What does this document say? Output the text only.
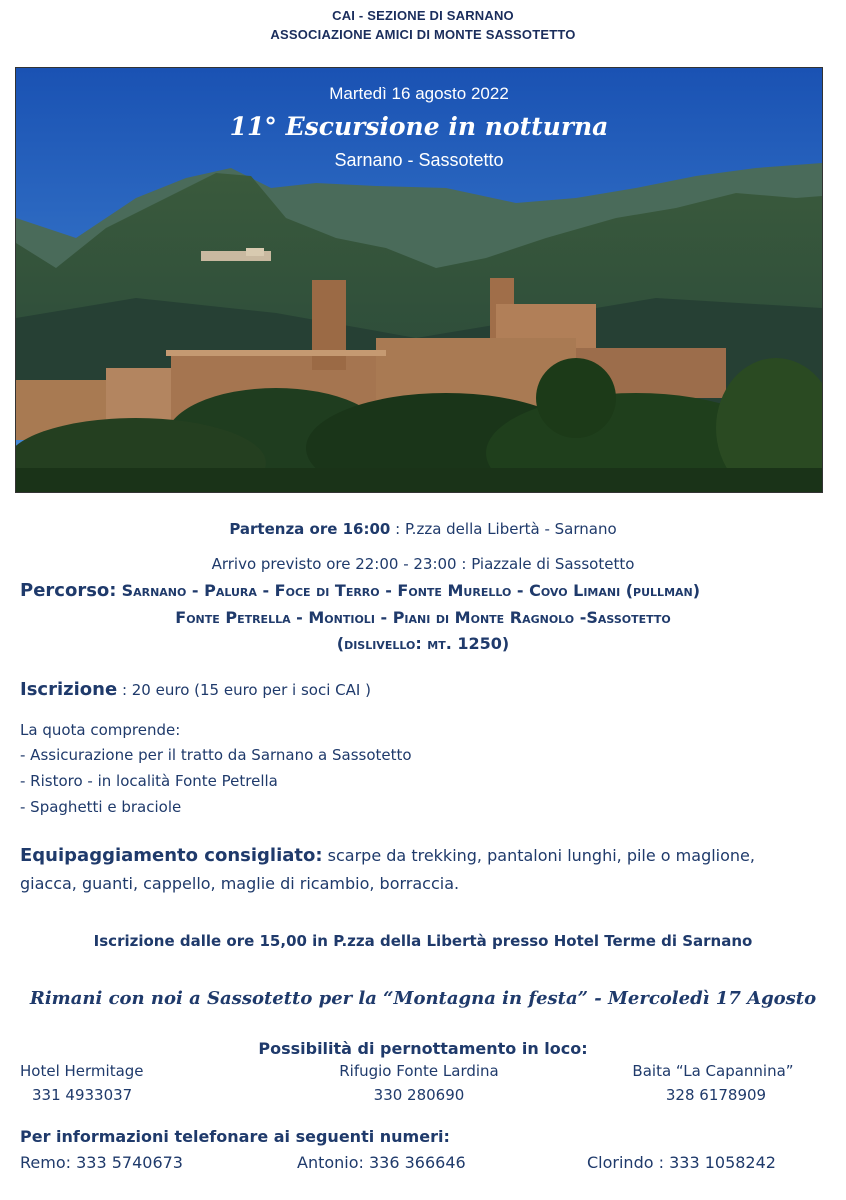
CAI - SEZIONE DI SARNANO
ASSOCIAZIONE AMICI DI MONTE SASSOTETTO
Martedì 16 agosto 2022
11° Escursione in notturna
Sarnano - Sassotetto
Partenza ore 16:00 : P.zza della Libertà - Sarnano
Arrivo previsto ore 22:00 - 23:00 : Piazzale di Sassotetto
Percorso: Sarnano - Palura - Foce di Terro - Fonte Murello - Covo Limani (pullman)
Fonte Petrella - Montioli - Piani di Monte Ragnolo -Sassotetto
(dislivello: mt. 1250)
Iscrizione : 20 euro (15 euro per i soci CAI )
La quota comprende:
- Assicurazione per il tratto da Sarnano a Sassotetto
- Ristoro - in località Fonte Petrella
- Spaghetti e braciole
Equipaggiamento consigliato: scarpe da trekking, pantaloni lunghi, pile o maglione,
giacca, guanti, cappello, maglie di ricambio, borraccia.
Iscrizione dalle ore 15,00 in P.zza della Libertà presso Hotel Terme di Sarnano
Rimani con noi a Sassotetto per la “Montagna in festa” - Mercoledì 17 Agosto
Possibilità di pernottamento in loco:
Hotel Hermitage
331 4933037
Rifugio Fonte Lardina
330 280690
Baita “La Capannina”
328 6178909
Per informazioni telefonare ai seguenti numeri:
Remo: 333 5740673	Antonio: 336 366646	Clorindo : 333 1058242
